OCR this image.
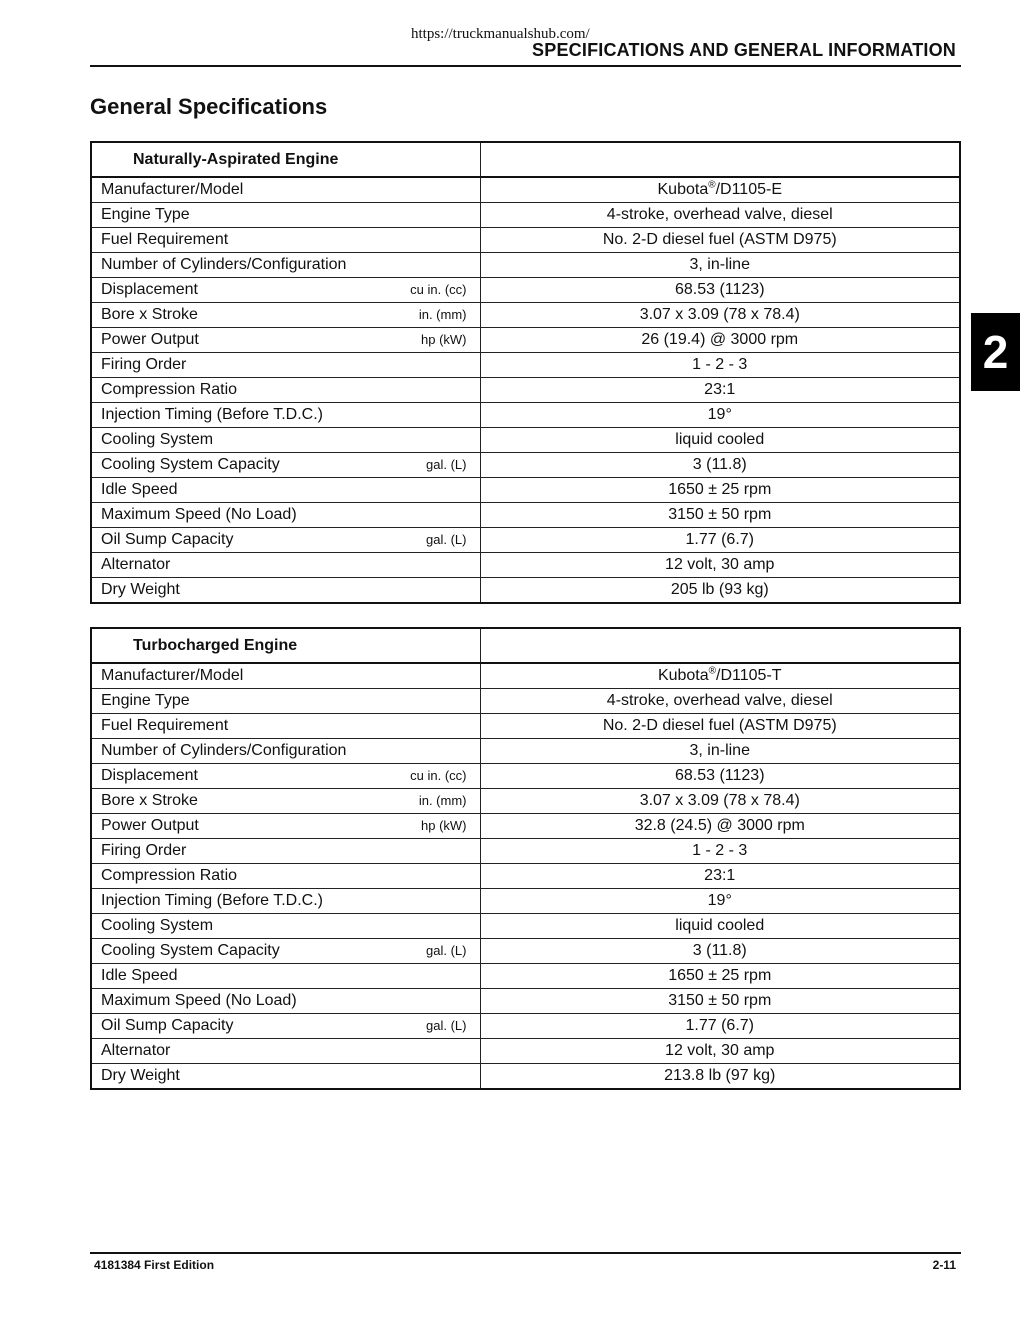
https://truckmanualshub.com/
SPECIFICATIONS AND GENERAL INFORMATION
General Specifications
Naturally-Aspirated Engine	

Manufacturer/Model	Kubota®/D1105-E

Engine Type	4-stroke, overhead valve, diesel

Fuel Requirement	No. 2-D diesel fuel (ASTM D975)

Number of Cylinders/Configuration	3, in-line

Displacement cu in. (cc)	68.53 (1123)

Bore x Stroke in. (mm)	3.07 x 3.09 (78 x 78.4)

Power Output hp (kW)	26 (19.4) @ 3000 rpm

Firing Order	1 - 2 - 3

Compression Ratio	23:1

Injection Timing (Before T.D.C.)	19°

Cooling System	liquid cooled

Cooling System Capacity gal. (L)	3 (11.8)

Idle Speed	1650 ± 25 rpm

Maximum Speed (No Load)	3150 ± 50 rpm

Oil Sump Capacity gal. (L)	1.77 (6.7)

Alternator	12 volt, 30 amp

Dry Weight	205 lb (93 kg)
Turbocharged Engine	

Manufacturer/Model	Kubota®/D1105-T

Engine Type	4-stroke, overhead valve, diesel

Fuel Requirement	No. 2-D diesel fuel (ASTM D975)

Number of Cylinders/Configuration	3, in-line

Displacement cu in. (cc)	68.53 (1123)

Bore x Stroke in. (mm)	3.07 x 3.09 (78 x 78.4)

Power Output hp (kW)	32.8 (24.5) @ 3000 rpm

Firing Order	1 - 2 - 3

Compression Ratio	23:1

Injection Timing (Before T.D.C.)	19°

Cooling System	liquid cooled

Cooling System Capacity gal. (L)	3 (11.8)

Idle Speed	1650 ± 25 rpm

Maximum Speed (No Load)	3150 ± 50 rpm

Oil Sump Capacity gal. (L)	1.77 (6.7)

Alternator	12 volt, 30 amp

Dry Weight	213.8 lb (97 kg)
2
4181384 First Edition	2-11
